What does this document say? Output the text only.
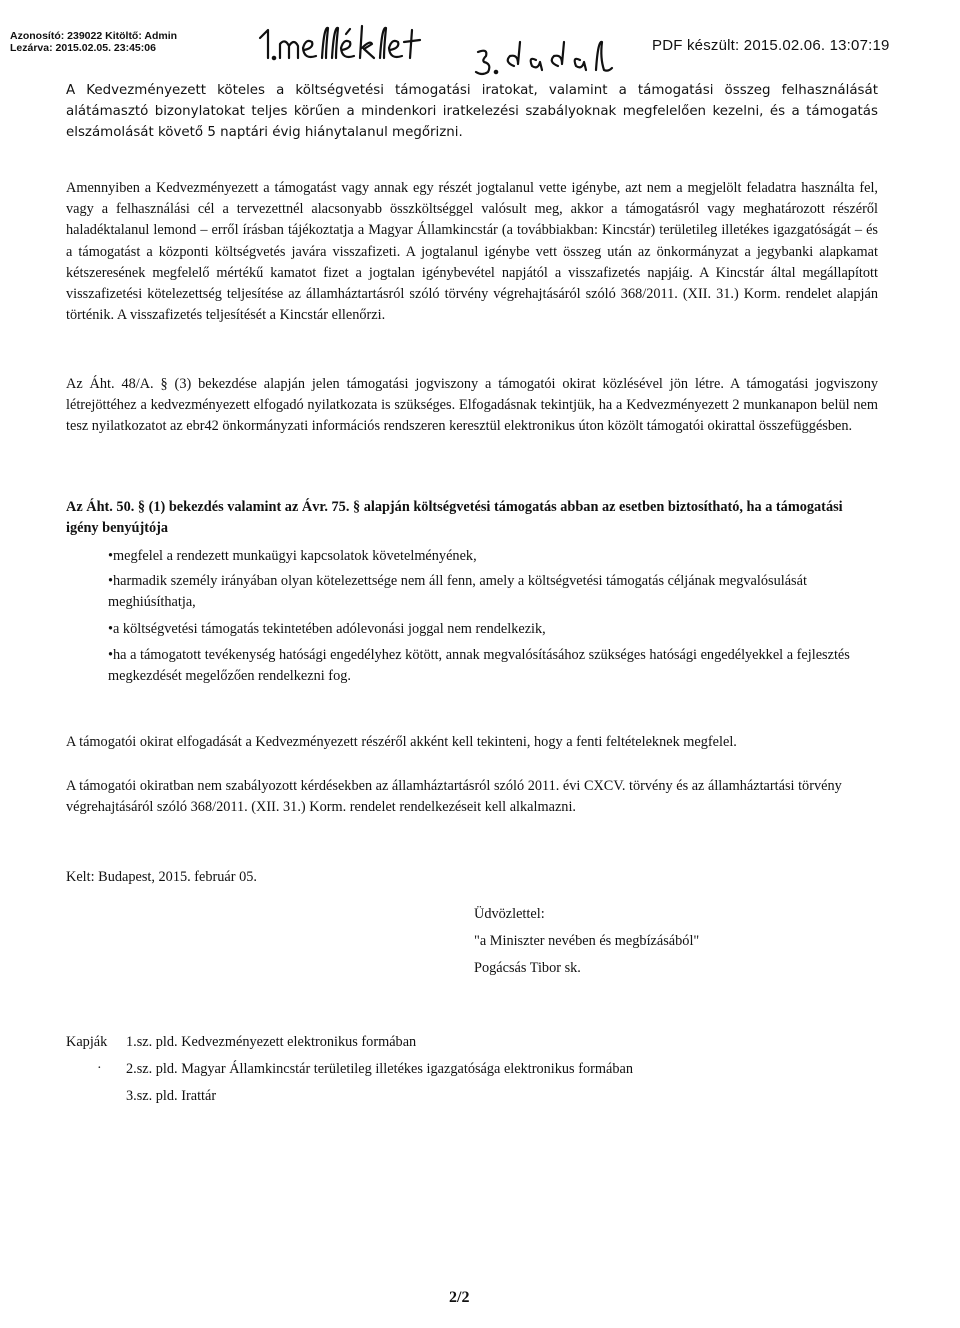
Azonosító: 239022 Kitöltő: Admin
Lezárva: 2015.02.05. 23:45:06	PDF készült: 2015.02.06. 13:07:19

A Kedvezményezett köteles a költségvetési támogatási iratokat, valamint a támogatási összeg felhasználását alátámasztó bizonylatokat teljes körűen a mindenkori iratkelezési szabályoknak megfelelően kezelni, és a támogatás elszámolását követő 5 naptári évig hiánytalanul megőrizni.

Amennyiben a Kedvezményezett a támogatást vagy annak egy részét jogtalanul vette igénybe, azt nem a megjelölt feladatra használta fel, vagy a felhasználási cél a tervezettnél alacsonyabb összköltséggel valósult meg, akkor a támogatásról vagy meghatározott részéről haladéktalanul lemond – erről írásban tájékoztatja a Magyar Államkincstár (a továbbiakban: Kincstár) területileg illetékes igazgatóságát – és a támogatást a központi költségvetés javára visszafizeti. A jogtalanul igénybe vett összeg után az önkormányzat a jegybanki alapkamat kétszeresének megfelelő mértékű kamatot fizet a jogtalan igénybevétel napjától a visszafizetés napjáig. A Kincstár által megállapított visszafizetési kötelezettség teljesítése az államháztartásról szóló törvény végrehajtásáról szóló 368/2011. (XII. 31.) Korm. rendelet alapján történik. A visszafizetés teljesítését a Kincstár ellenőrzi.

Az Áht. 48/A. § (3) bekezdése alapján jelen támogatási jogviszony a támogatói okirat közlésével jön létre. A támogatási jogviszony létrejöttéhez a kedvezményezett elfogadó nyilatkozata is szükséges. Elfogadásnak tekintjük, ha a Kedvezményezett 2 munkanapon belül nem tesz nyilatkozatot az ebr42 önkormányzati információs rendszeren keresztül elektronikus úton közölt támogatói okirattal összefüggésben.

Az Áht. 50. § (1) bekezdés valamint az Ávr. 75. § alapján költségvetési támogatás abban az esetben biztosítható, ha a támogatási igény benyújtója

•megfelel a rendezett munkaügyi kapcsolatok követelményének,
•harmadik személy irányában olyan kötelezettsége nem áll fenn, amely a költségvetési támogatás céljának megvalósulását meghiúsíthatja,
•a költségvetési támogatás tekintetében adólevonási joggal nem rendelkezik,
•ha a támogatott tevékenység hatósági engedélyhez kötött, annak megvalósításához szükséges hatósági engedélyekkel a fejlesztés megkezdését megelőzően rendelkezni fog.

A támogatói okirat elfogadását a Kedvezményezett részéről akként kell tekinteni, hogy a fenti feltételeknek megfelel.

A támogatói okiratban nem szabályozott kérdésekben az államháztartásról szóló 2011. évi CXCV. törvény és az államháztartási törvény végrehajtásáról szóló 368/2011. (XII. 31.) Korm. rendelet rendelkezéseit kell alkalmazni.

Kelt: Budapest, 2015. február 05.
Üdvözlettel:
"a Miniszter nevében és megbízásából"
Pogácsás Tibor sk.
Kapják 1.sz. pld. Kedvezményezett elektronikus formában
· 2.sz. pld. Magyar Államkincstár területileg illetékes igazgatósága elektronikus formában
3.sz. pld. Irattár
2/2
